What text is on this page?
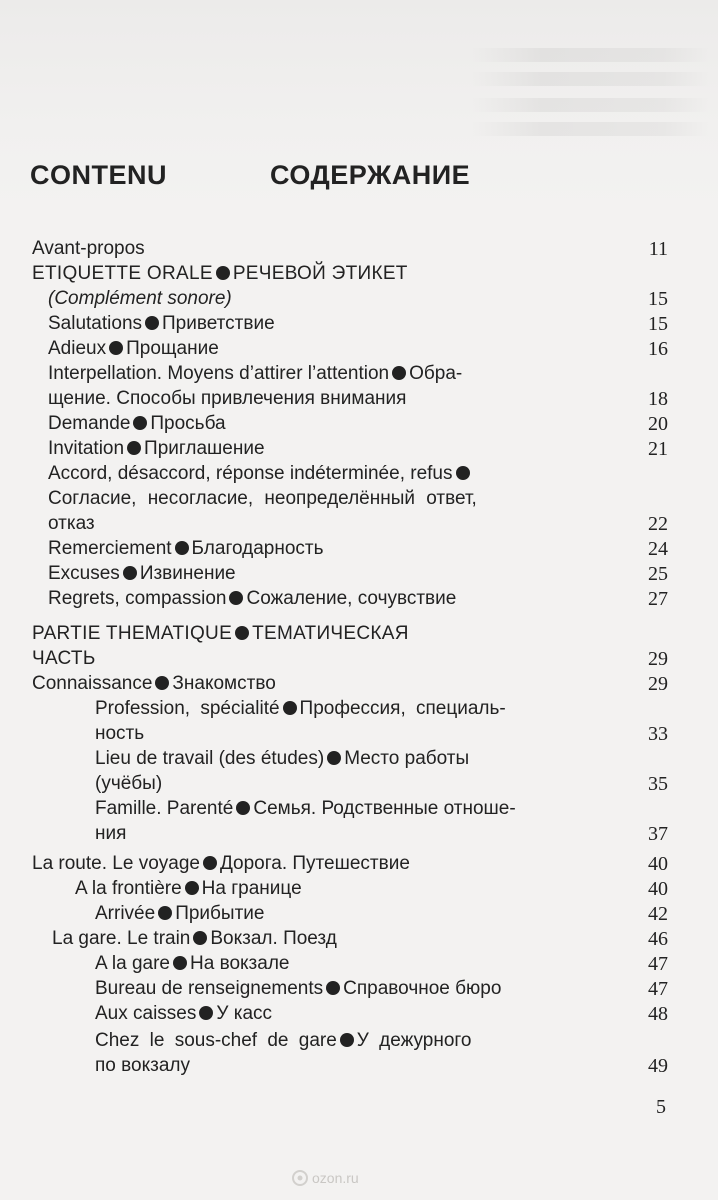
CONTENU	СОДЕРЖАНИЕ
Avant-propos	11
ETIQUETTE ORALE РЕЧЕВОЙ ЭТИКЕТ
(Complément sonore)	15
Salutations Приветствие	15
Adieux Прощание	16
Interpellation. Moyens d’attirer l’attention Обра-
щение. Способы привлечения внимания	18
Demande Просьба	20
Invitation Приглашение	21
Accord, désaccord, réponse indéterminée, refus
Согласие, несогласие, неопределённый ответ,
отказ	22
Remerciement Благодарность	24
Excuses Извинение	25
Regrets, compassion Сожаление, сочувствие	27
PARTIE THEMATIQUE ТЕМАТИЧЕСКАЯ
ЧАСТЬ	29
Connaissance Знакомство	29
Profession, spécialité Профессия, специаль-
ность	33
Lieu de travail (des études) Место работы
(учёбы)	35
Famille. Parenté Семья. Родственные отноше-
ния	37
La route. Le voyage Дорога. Путешествие	40
A la frontière На границе	40
Arrivée Прибытие	42
La gare. Le train Вокзал. Поезд	46
A la gare На вокзале	47
Bureau de renseignements Справочное бюро	47
Aux caisses У касс	48
Chez le sous-chef de gare У дежурного
по вокзалу	49
5
ozon.ru
